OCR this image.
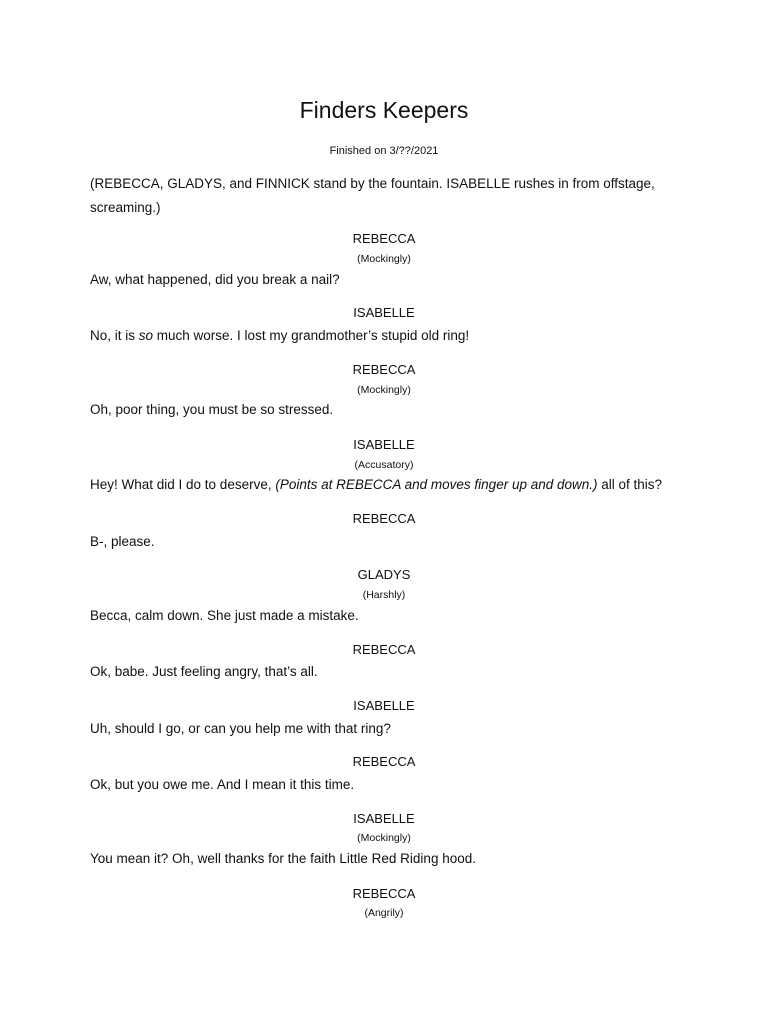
Finders Keepers
Finished on 3/??/2021
(REBECCA, GLADYS, and FINNICK stand by the fountain. ISABELLE rushes in from offstage, screaming.)
REBECCA
(Mockingly)
Aw, what happened, did you break a nail?
ISABELLE
No, it is so much worse. I lost my grandmother’s stupid old ring!
REBECCA
(Mockingly)
Oh, poor thing, you must be so stressed.
ISABELLE
(Accusatory)
Hey! What did I do to deserve, (Points at REBECCA and moves finger up and down.) all of this?
REBECCA
B-, please.
GLADYS
(Harshly)
Becca, calm down. She just made a mistake.
REBECCA
Ok, babe. Just feeling angry, that’s all.
ISABELLE
Uh, should I go, or can you help me with that ring?
REBECCA
Ok, but you owe me. And I mean it this time.
ISABELLE
(Mockingly)
You mean it? Oh, well thanks for the faith Little Red Riding hood.
REBECCA
(Angrily)
